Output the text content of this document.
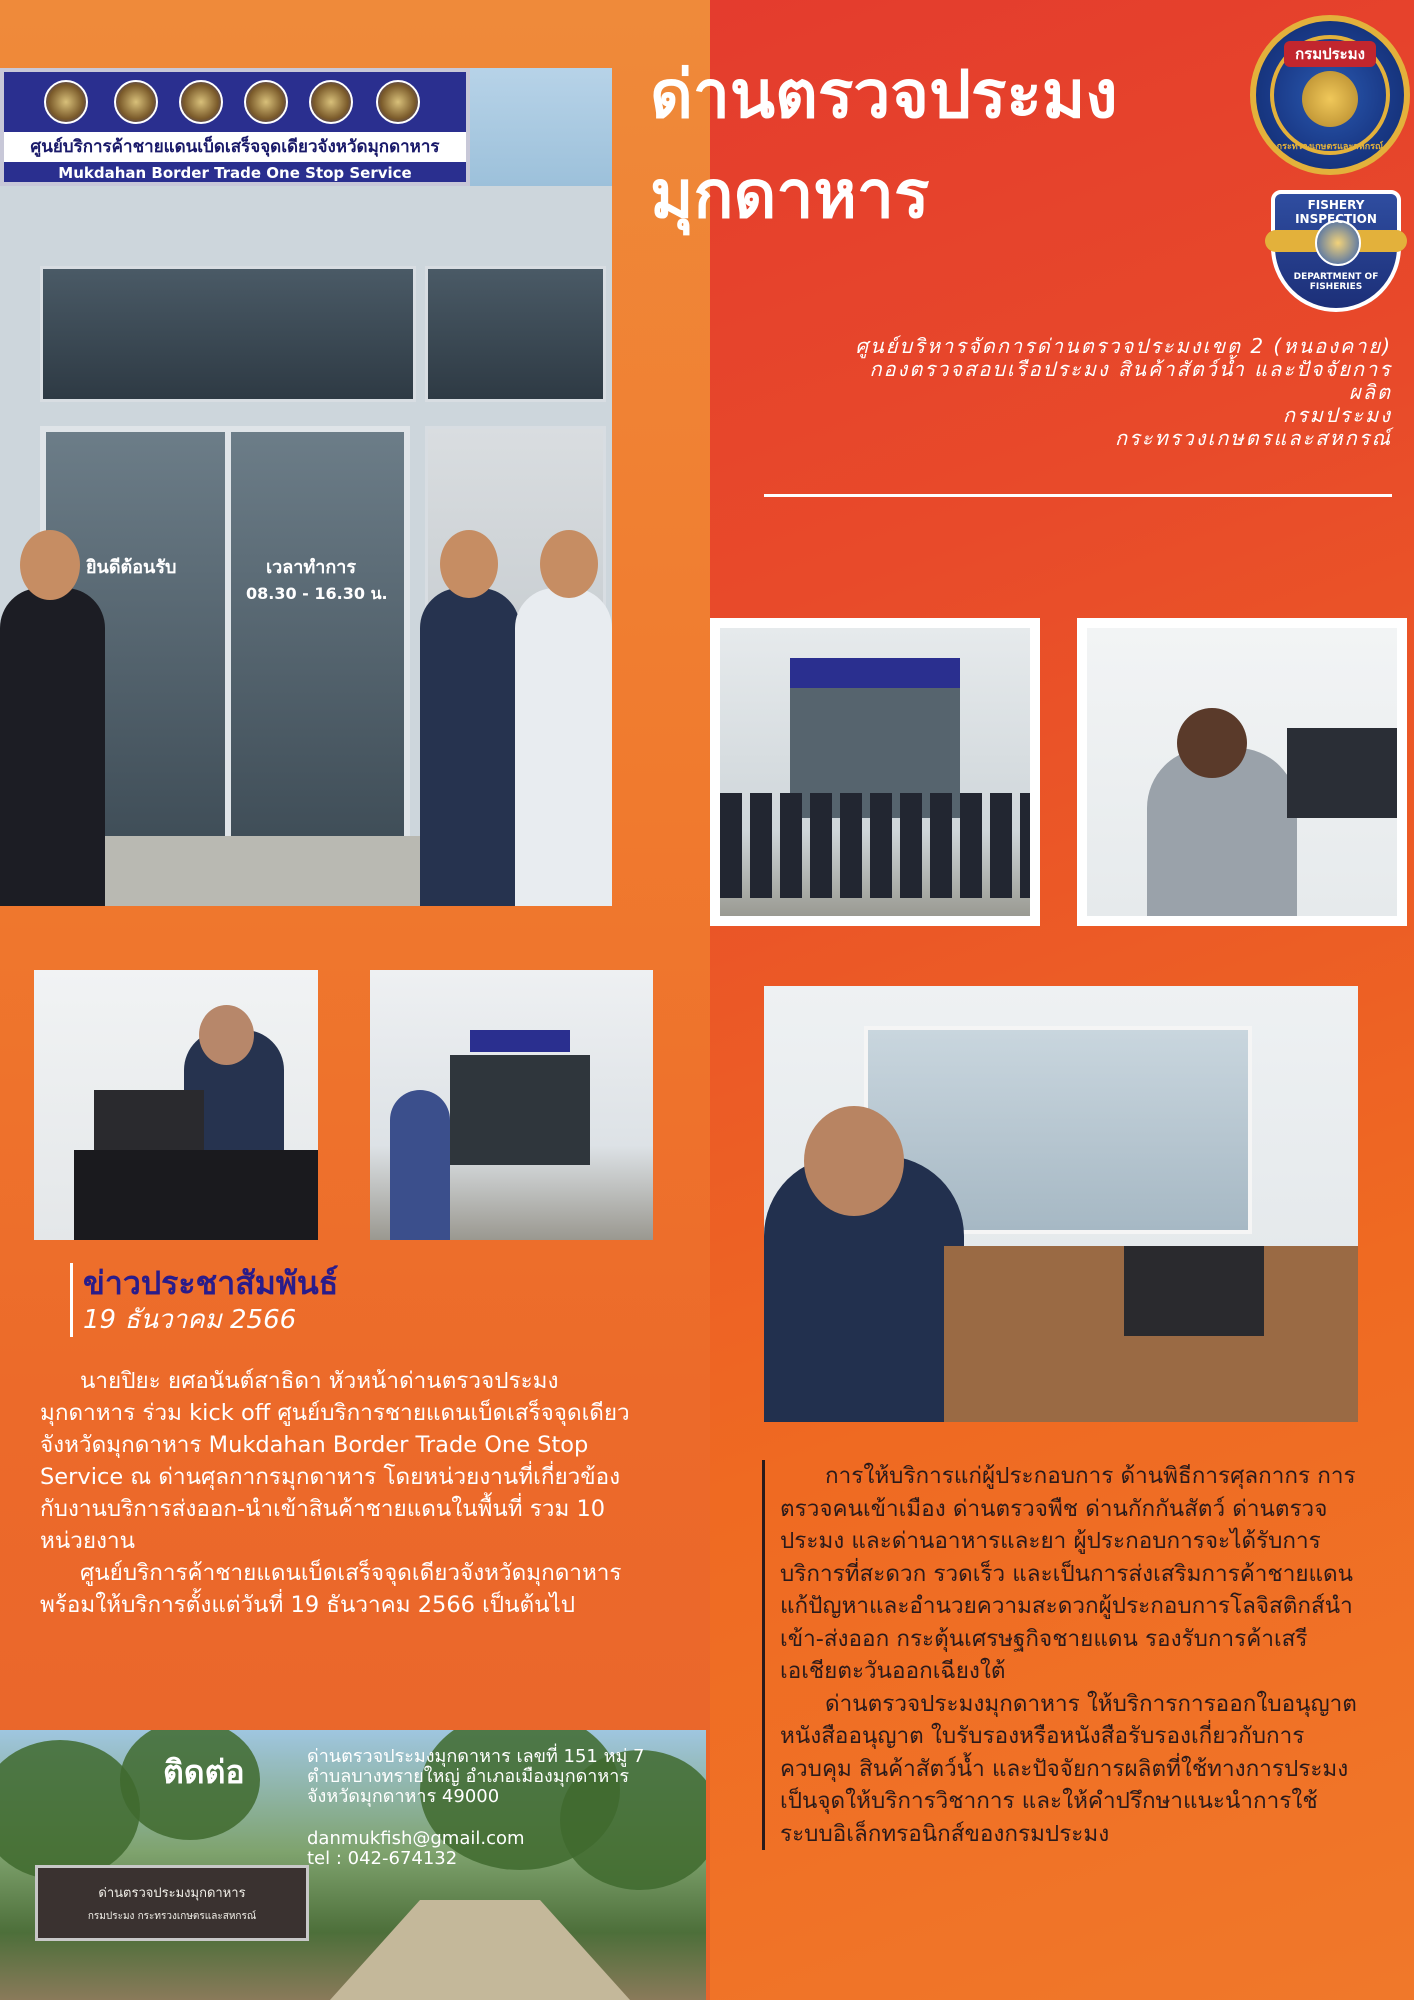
ยินดีต้อนรับ	เวลาทำการ
08.30 - 16.30 น.
ศูนย์บริการค้าชายแดนเบ็ดเสร็จจุดเดียวจังหวัดมุกดาหาร
Mukdahan Border Trade One Stop Service
ด่านตรวจประมง
มุกดาหาร
กรมประมง
กระทรวงเกษตรและสหกรณ์
FISHERY INSPECTION
DEPARTMENT OF FISHERIES
ศูนย์บริหารจัดการด่านตรวจประมงเขต 2 (หนองคาย)
กองตรวจสอบเรือประมง สินค้าสัตว์น้ำ และปัจจัยการ
ผลิต
กรมประมง
กระทรวงเกษตรและสหกรณ์
ข่าวประชาสัมพันธ์
19 ธันวาคม 2566

นายปิยะ ยศอนันต์สาธิดา หัวหน้าด่านตรวจประมงมุกดาหาร ร่วม kick off ศูนย์บริการชายแดนเบ็ดเสร็จจุดเดียวจังหวัดมุกดาหาร Mukdahan Border Trade One Stop Service ณ ด่านศุลกากรมุกดาหาร โดยหน่วยงานที่เกี่ยวข้องกับงานบริการส่งออก-นำเข้าสินค้าชายแดนในพื้นที่ รวม 10 หน่วยงาน

ศูนย์บริการค้าชายแดนเบ็ดเสร็จจุดเดียวจังหวัดมุกดาหาร พร้อมให้บริการตั้งแต่วันที่ 19 ธันวาคม 2566 เป็นต้นไป

การให้บริการแก่ผู้ประกอบการ ด้านพิธีการศุลกากร การตรวจคนเข้าเมือง ด่านตรวจพืช ด่านกักกันสัตว์ ด่านตรวจประมง และด่านอาหารและยา ผู้ประกอบการจะได้รับการบริการที่สะดวก รวดเร็ว และเป็นการส่งเสริมการค้าชายแดน แก้ปัญหาและอำนวยความสะดวกผู้ประกอบการโลจิสติกส์นำเข้า-ส่งออก กระตุ้นเศรษฐกิจชายแดน รองรับการค้าเสรีเอเชียตะวันออกเฉียงใต้

ด่านตรวจประมงมุกดาหาร ให้บริการการออกใบอนุญาต หนังสืออนุญาต ใบรับรองหรือหนังสือรับรองเกี่ยวกับการควบคุม สินค้าสัตว์น้ำ และปัจจัยการผลิตที่ใช้ทางการประมง เป็นจุดให้บริการวิชาการ และให้คำปรึกษาแนะนำการใช้ระบบอิเล็กทรอนิกส์ของกรมประมง

ด่านตรวจประมงมุกดาหาร
กรมประมง กระทรวงเกษตรและสหกรณ์
ติดต่อ	ด่านตรวจประมงมุกดาหาร เลขที่ 151 หมู่ 7
ตำบลบางทรายใหญ่ อำเภอเมืองมุกดาหาร
จังหวัดมุกดาหาร 49000
danmukfish@gmail.com
tel : 042-674132
